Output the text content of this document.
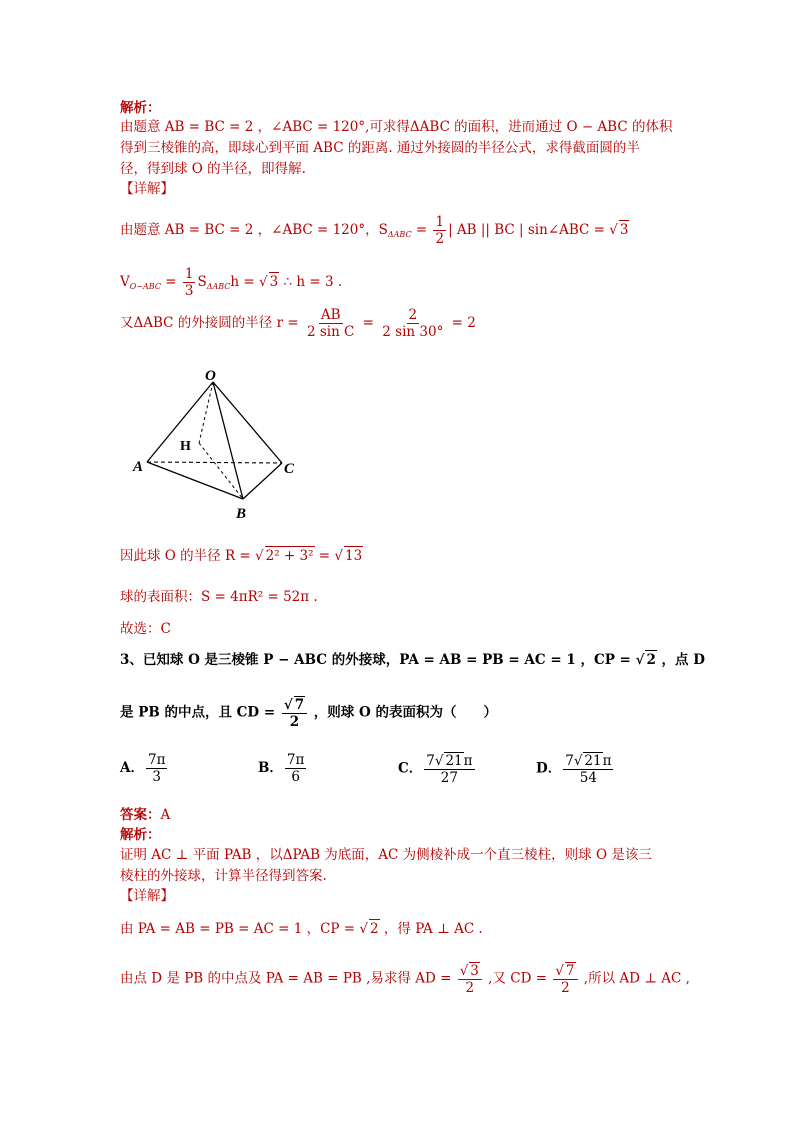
解析：
由题意 AB = BC = 2 ，∠ABC = 120°,可求得ΔABC 的面积，进而通过 O − ABC 的体积
得到三棱锥的高，即球心到平面 ABC 的距离. 通过外接圆的半径公式，求得截面圆的半
径，得到球 O 的半径，即得解.
【详解】
由题意 AB = BC = 2 ，∠ABC = 120°，$S_{\Delta ABC} = \frac{1}{2}$ | AB || BC | sin∠ABC = √ 3
$V_{O-ABC} = \frac{1}{3} S_{\Delta ABC}h$ = √ 3 ∴ h = 3 .
又ΔABC 的外接圆的半径 $r = \frac{AB}{\text{2 sin C}} = \frac{2}{2 \sin 30^\circ} = 2$
O
H
A
B
C
因此球 O 的半径 R = √ 2² + 3² = √ 13
球的表面积：S = 4πR² = 52π .
故选：C
3、已知球 O 是三棱锥 P − ABC 的外接球，PA = AB = PB = AC = 1 ，CP = √ 2 ，点 D
是 PB 的中点，且 CD = $\frac{√ 7}{2}$ ，则球 O 的表面积为（　　）
A． $\frac{7\pi}{3}$	B． $\frac{7\pi}{6}$	C． $\frac{7√ 21\pi}{27}$	D． $\frac{7√ 21\pi}{54}$
答案：A
解析：
证明 AC ⊥ 平面 PAB ，以ΔPAB 为底面，AC 为侧棱补成一个直三棱柱，则球 O 是该三
棱柱的外接球，计算半径得到答案.
【详解】
由 PA = AB = PB = AC = 1 ，CP = √ 2 ，得 PA ⊥ AC .
由点 D 是 PB 的中点及 PA = AB = PB ,易求得 AD = $\frac{√ 3}{2}$ ,又 CD = $\frac{√ 7}{2}$ ,所以 AD ⊥ AC ,
